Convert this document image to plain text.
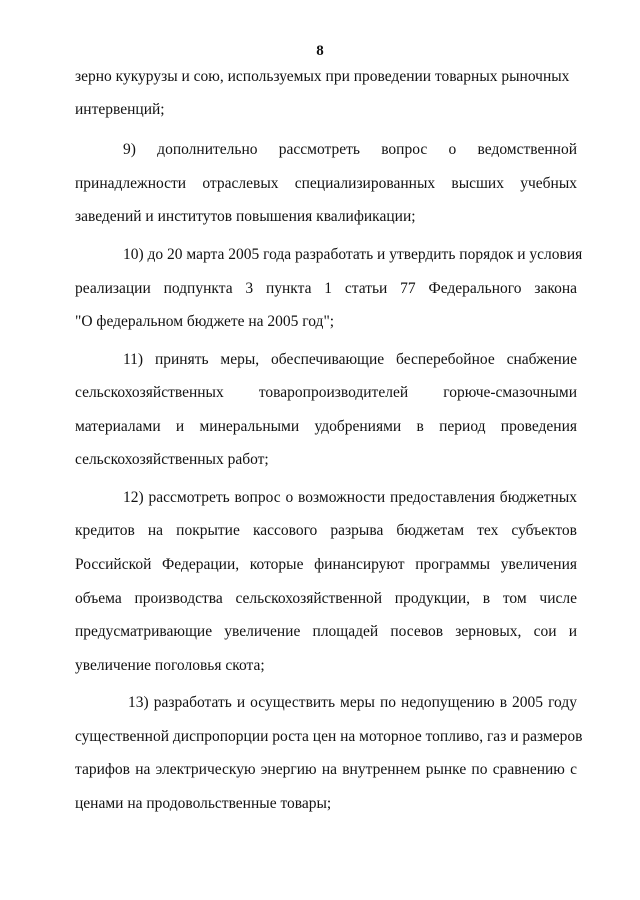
8
зерно кукурузы и сою, используемых при проведении товарных рыночных
интервенций;
9) дополнительно рассмотреть вопрос о ведомственной
принадлежности отраслевых специализированных высших учебных
заведений и институтов повышения квалификации;
10) до 20 марта 2005 года разработать и утвердить порядок и условия
реализации подпункта 3 пункта 1 статьи 77 Федерального закона
"О федеральном бюджете на 2005 год";
11) принять меры, обеспечивающие бесперебойное снабжение
сельскохозяйственных товаропроизводителей горюче-смазочными
материалами и минеральными удобрениями в период проведения
сельскохозяйственных работ;
12) рассмотреть вопрос о возможности предоставления бюджетных
кредитов на покрытие кассового разрыва бюджетам тех субъектов
Российской Федерации, которые финансируют программы увеличения
объема производства сельскохозяйственной продукции, в том числе
предусматривающие увеличение площадей посевов зерновых, сои и
увеличение поголовья скота;
13) разработать и осуществить меры по недопущению в 2005 году
существенной диспропорции роста цен на моторное топливо, газ и размеров
тарифов на электрическую энергию на внутреннем рынке по сравнению с
ценами на продовольственные товары;
